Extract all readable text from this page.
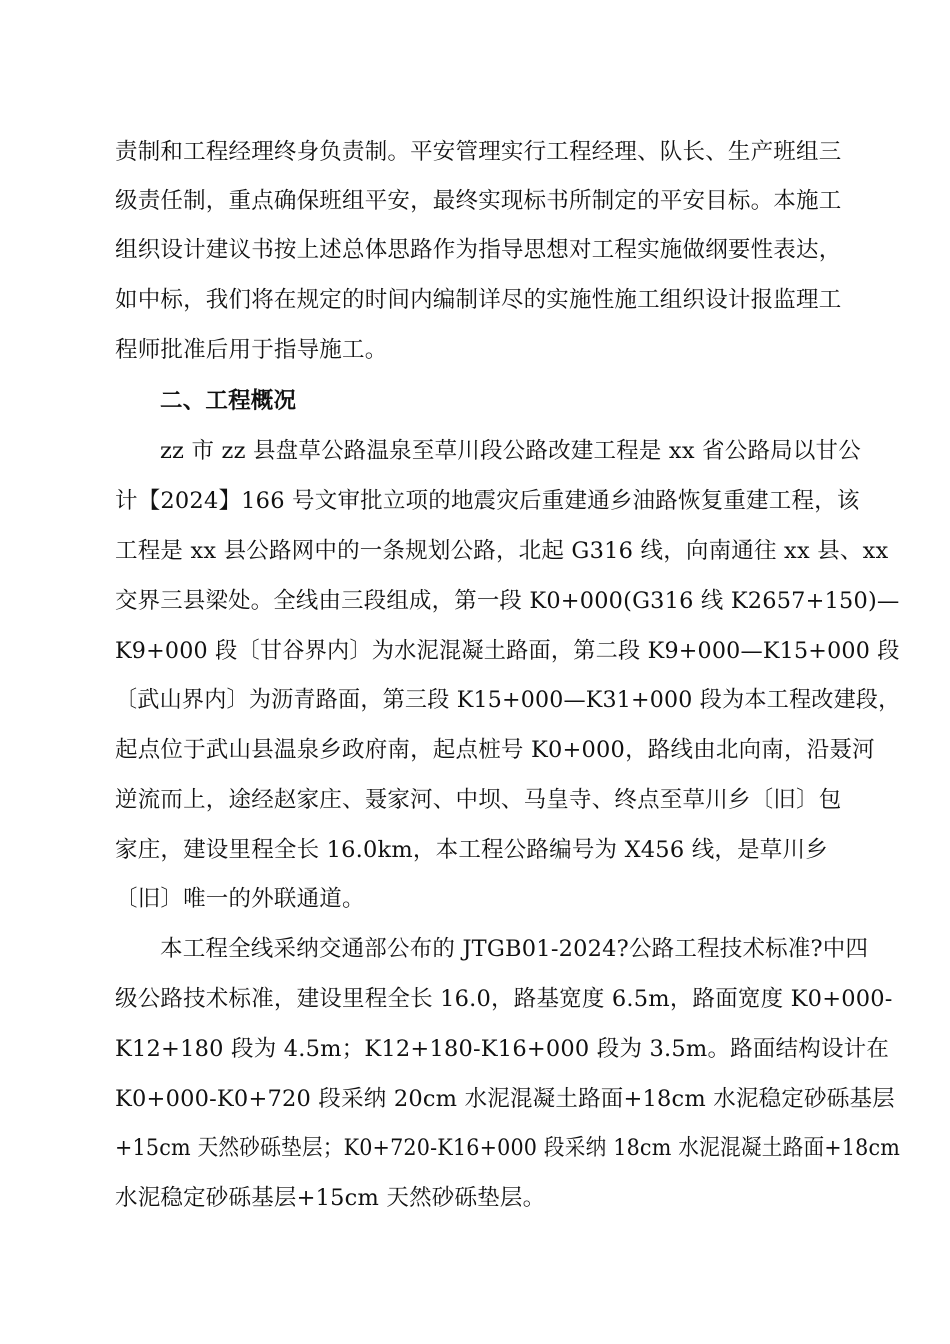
责制和工程经理终身负责制。平安管理实行工程经理、队长、生产班组三
级责任制，重点确保班组平安，最终实现标书所制定的平安目标。本施工
组织设计建议书按上述总体思路作为指导思想对工程实施做纲要性表达，
如中标，我们将在规定的时间内编制详尽的实施性施工组织设计报监理工
程师批准后用于指导施工。
二、工程概况
zz 市 zz 县盘草公路温泉至草川段公路改建工程是 xx 省公路局以甘公
计【2024】166 号文审批立项的地震灾后重建通乡油路恢复重建工程，该
工程是 xx 县公路网中的一条规划公路，北起 G316 线，向南通往 xx 县、xx
交界三县梁处。全线由三段组成，第一段 K0+000(G316 线 K2657+150)—
K9+000 段〔甘谷界内〕为水泥混凝土路面，第二段 K9+000—K15+000 段
〔武山界内〕为沥青路面，第三段 K15+000—K31+000 段为本工程改建段，
起点位于武山县温泉乡政府南，起点桩号 K0+000，路线由北向南，沿聂河
逆流而上，途经赵家庄、聂家河、中坝、马皇寺、终点至草川乡〔旧〕包
家庄，建设里程全长 16.0km，本工程公路编号为 X456 线，是草川乡
〔旧〕唯一的外联通道。
本工程全线采纳交通部公布的 JTGB01-2024?公路工程技术标准?中四
级公路技术标准，建设里程全长 16.0，路基宽度 6.5m，路面宽度 K0+000-
K12+180 段为 4.5m；K12+180-K16+000 段为 3.5m。路面结构设计在
K0+000-K0+720 段采纳 20cm 水泥混凝土路面+18cm 水泥稳定砂砾基层
+15cm 天然砂砾垫层；K0+720-K16+000 段采纳 18cm 水泥混凝土路面+18cm
水泥稳定砂砾基层+15cm 天然砂砾垫层。
